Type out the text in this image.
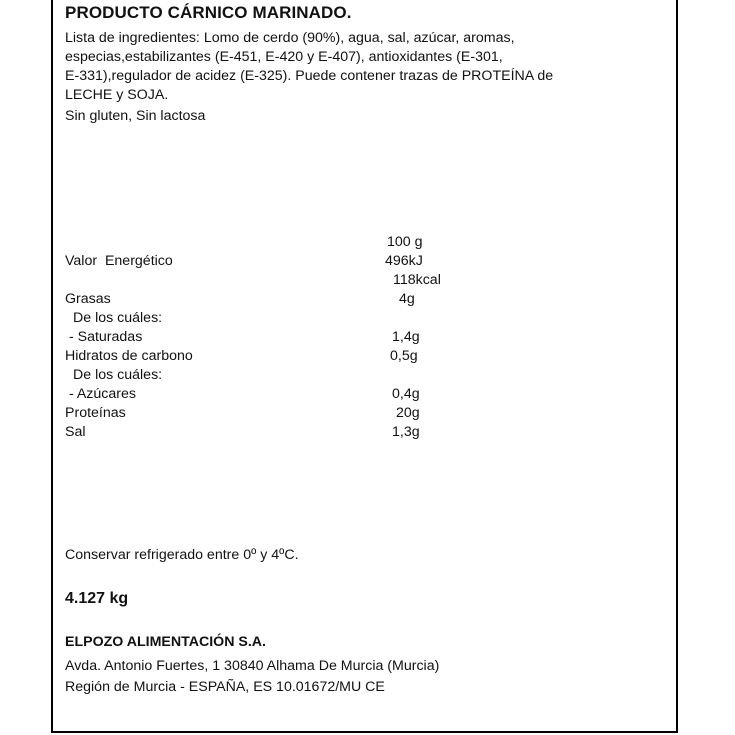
PRODUCTO CÁRNICO MARINADO.
Lista de ingredientes: Lomo de cerdo (90%), agua, sal, azúcar, aromas,
especias,estabilizantes (E-451, E-420 y E-407), antioxidantes (E-301,
E-331),regulador de acidez (E-325). Puede contener trazas de PROTEÍNA de
LECHE y SOJA.

Sin gluten, Sin lactosa

100 g
Valor  Energético	496kJ
118kcal
Grasas	4g
De los cuáles:
- Saturadas	1,4g
Hidratos de carbono	0,5g
De los cuáles:
- Azúcares	0,4g
Proteínas	20g
Sal	1,3g

Conservar refrigerado entre 0º y 4ºC.

4.127 kg

ELPOZO ALIMENTACIÓN S.A.

Avda. Antonio Fuertes, 1 30840 Alhama De Murcia (Murcia)
Región de Murcia - ESPAÑA, ES 10.01672/MU CE
